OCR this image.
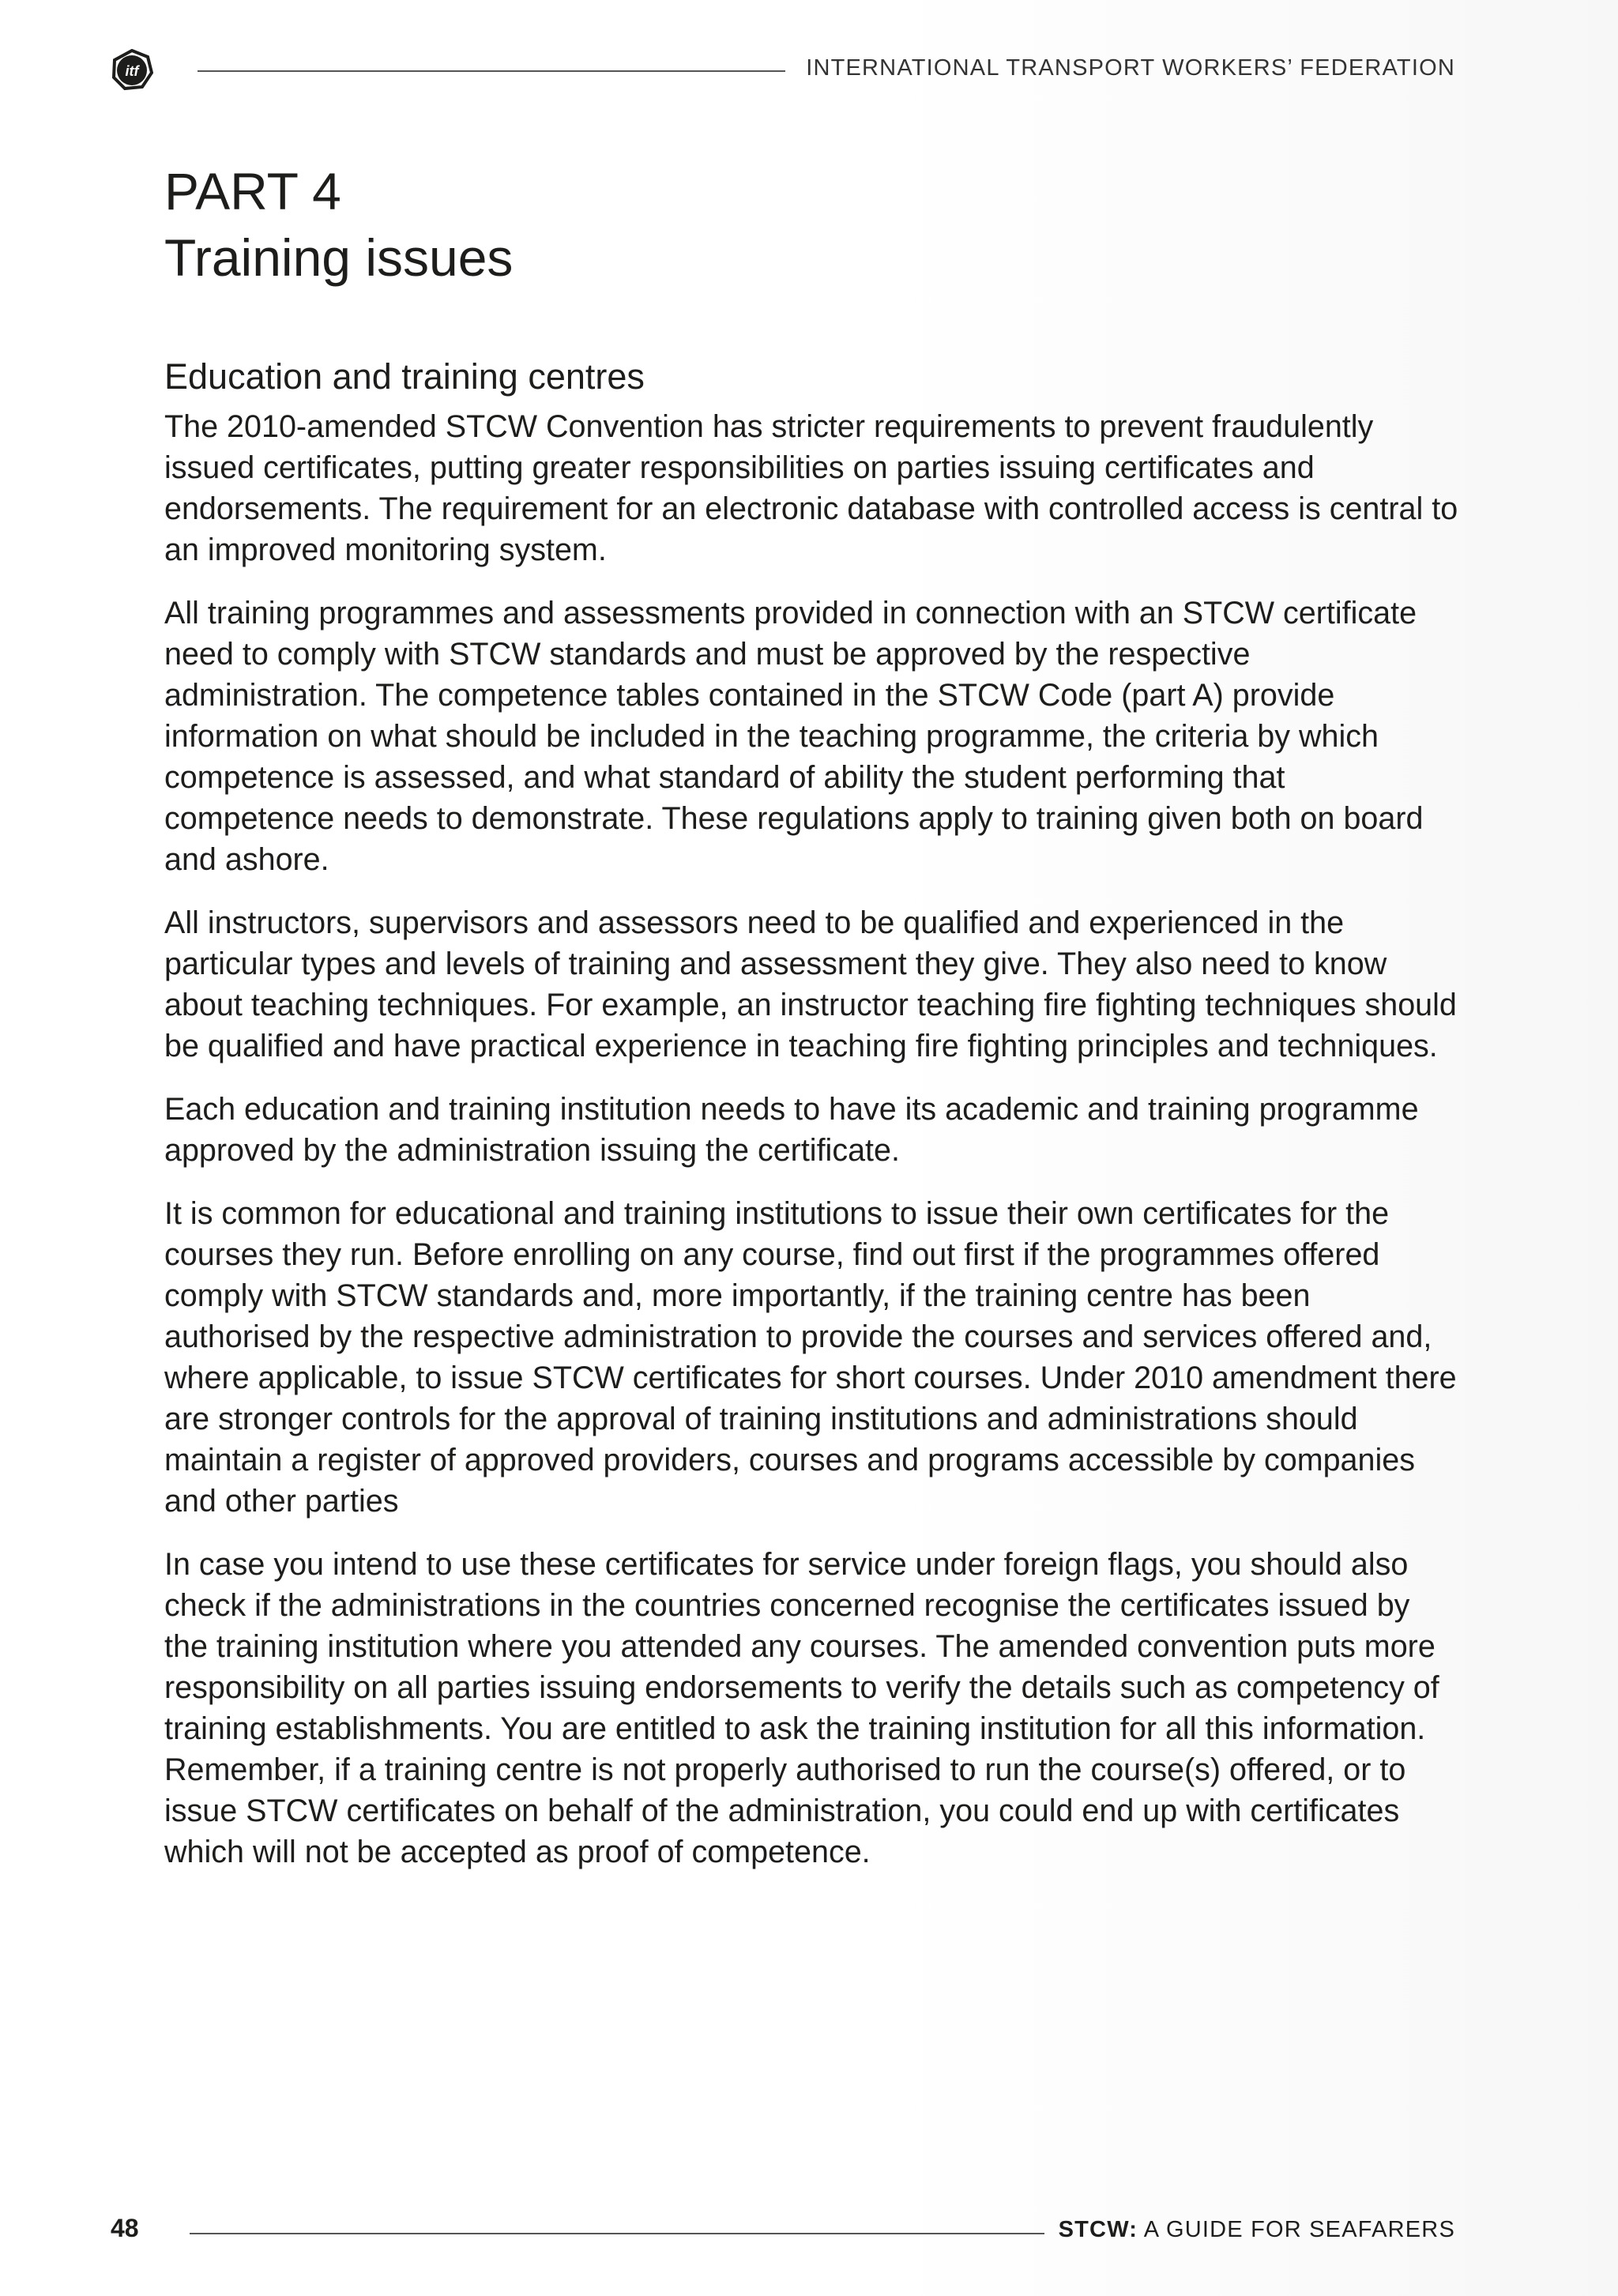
itf	INTERNATIONAL TRANSPORT WORKERS’ FEDERATION
PART 4
Training issues
Education and training centres

The 2010-amended STCW Convention has stricter requirements to prevent fraudulently issued certificates, putting greater responsibilities on parties issuing certificates and endorsements. The requirement for an electronic database with controlled access is central to an improved monitoring system.

All training programmes and assessments provided in connection with an STCW certificate need to comply with STCW standards and must be approved by the respective administration. The competence tables contained in the STCW Code (part A) provide information on what should be included in the teaching programme, the criteria by which competence is assessed, and what standard of ability the student performing that competence needs to demonstrate. These regulations apply to training given both on board and ashore.

All instructors, supervisors and assessors need to be qualified and experienced in the particular types and levels of training and assessment they give. They also need to know about teaching techniques. For example, an instructor teaching fire fighting techniques should be qualified and have practical experience in teaching fire fighting principles and techniques.

Each education and training institution needs to have its academic and training programme approved by the administration issuing the certificate.

It is common for educational and training institutions to issue their own certificates for the courses they run. Before enrolling on any course, find out first if the programmes offered comply with STCW standards and, more importantly, if the training centre has been authorised by the respective administration to provide the courses and services offered and, where applicable, to issue STCW certificates for short courses. Under 2010 amendment there are stronger controls for the approval of training institutions and administrations should maintain a register of approved providers, courses and programs accessible by companies and other parties

In case you intend to use these certificates for service under foreign flags, you should also check if the administrations in the countries concerned recognise the certificates issued by the training institution where you attended any courses. The amended convention puts more responsibility on all parties issuing endorsements to verify the details such as competency of training establishments. You are entitled to ask the training institution for all this information. Remember, if a training centre is not properly authorised to run the course(s) offered, or to issue STCW certificates on behalf of the administration, you could end up with certificates which will not be accepted as proof of competence.

48	STCW: A GUIDE FOR SEAFARERS
